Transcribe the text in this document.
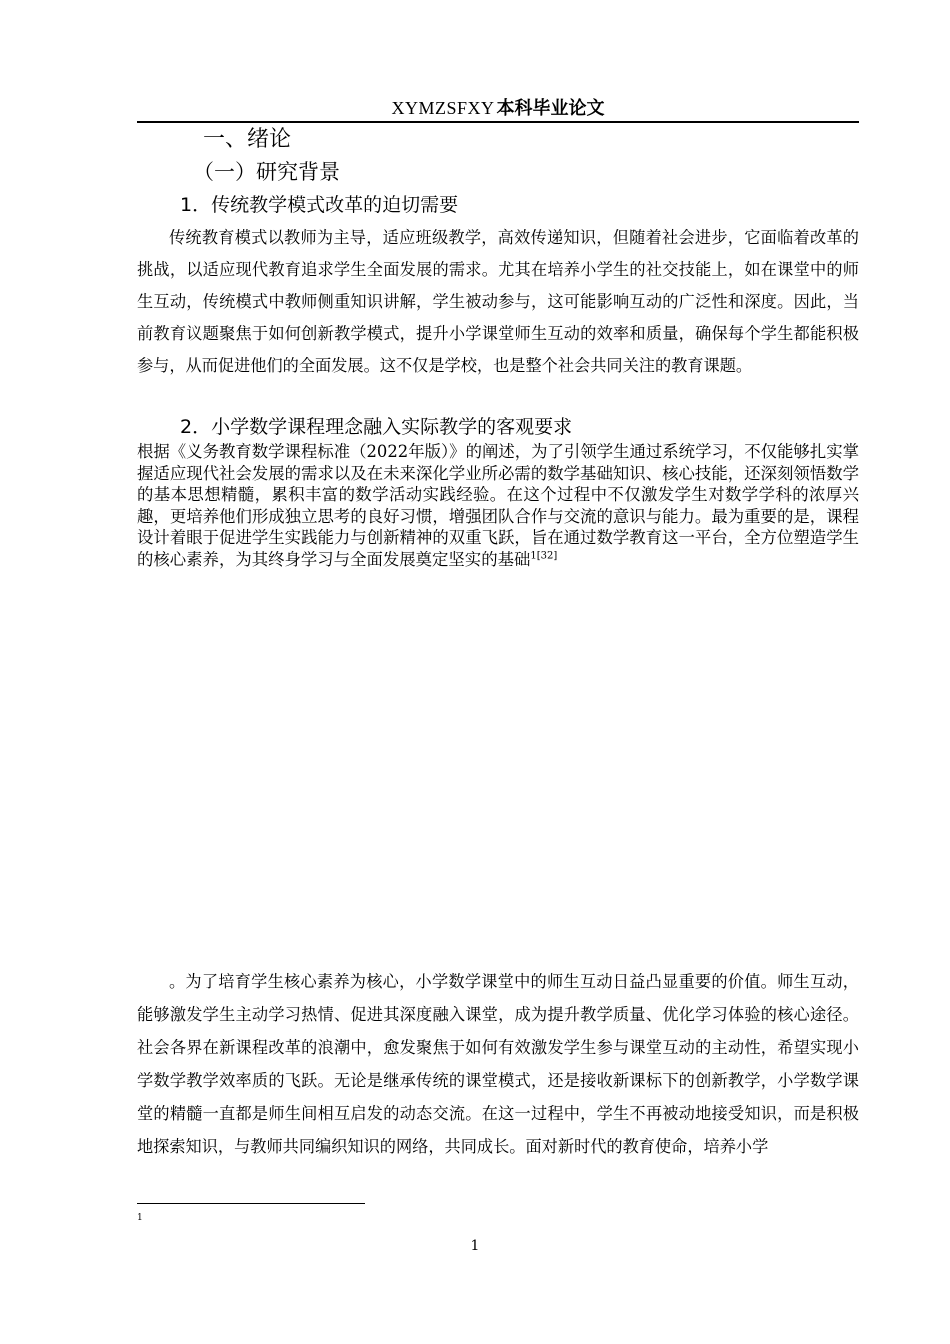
XYMZSFXY 本科毕业论文
一、绪论
（一）研究背景
1．传统教学模式改革的迫切需要

传统教育模式以教师为主导，适应班级教学，高效传递知识，但随着社会进步，它面临着改革的挑战，以适应现代教育追求学生全面发展的需求。尤其在培养小学生的社交技能上，如在课堂中的师生互动，传统模式中教师侧重知识讲解，学生被动参与，这可能影响互动的广泛性和深度。因此，当前教育议题聚焦于如何创新教学模式，提升小学课堂师生互动的效率和质量，确保每个学生都能积极参与，从而促进他们的全面发展。这不仅是学校，也是整个社会共同关注的教育课题。

2．小学数学课程理念融入实际教学的客观要求

根据《义务教育数学课程标准（2022年版）》的阐述，为了引领学生通过系统学习，不仅能够扎实掌握适应现代社会发展的需求以及在未来深化学业所必需的数学基础知识、核心技能，还深刻领悟数学的基本思想精髓，累积丰富的数学活动实践经验。在这个过程中不仅激发学生对数学学科的浓厚兴趣，更培养他们形成独立思考的良好习惯，增强团队合作与交流的意识与能力。最为重要的是，课程设计着眼于促进学生实践能力与创新精神的双重飞跃，旨在通过数学教育这一平台，全方位塑造学生的核心素养，为其终身学习与全面发展奠定坚实的基础$^{1[32]}$

。为了培育学生核心素养为核心，小学数学课堂中的师生互动日益凸显重要的价值。师生互动，能够激发学生主动学习热情、促进其深度融入课堂，成为提升教学质量、优化学习体验的核心途径。社会各界在新课程改革的浪潮中，愈发聚焦于如何有效激发学生参与课堂互动的主动性，希望实现小学数学教学效率质的飞跃。无论是继承传统的课堂模式，还是接收新课标下的创新教学，小学数学课堂的精髓一直都是师生间相互启发的动态交流。在这一过程中，学生不再被动地接受知识，而是积极地探索知识，与教师共同编织知识的网络，共同成长。面对新时代的教育使命，培养小学

1
1
